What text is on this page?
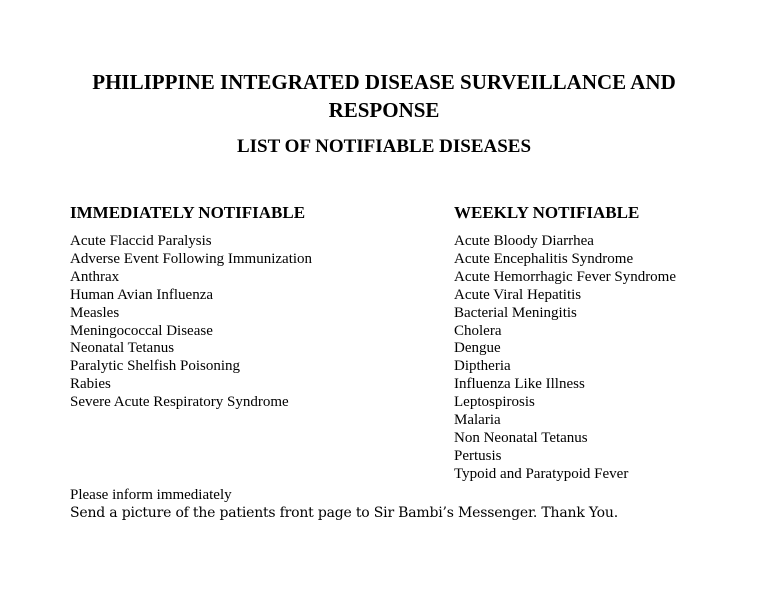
PHILIPPINE INTEGRATED DISEASE SURVEILLANCE AND RESPONSE
LIST OF NOTIFIABLE DISEASES
IMMEDIATELY NOTIFIABLE
Acute Flaccid Paralysis
Adverse Event Following Immunization
Anthrax
Human Avian Influenza
Measles
Meningococcal Disease
Neonatal Tetanus
Paralytic Shelfish Poisoning
Rabies
Severe Acute Respiratory Syndrome
WEEKLY NOTIFIABLE
Acute Bloody Diarrhea
Acute Encephalitis Syndrome
Acute Hemorrhagic Fever Syndrome
Acute Viral Hepatitis
Bacterial Meningitis
Cholera
Dengue
Diptheria
Influenza Like Illness
Leptospirosis
Malaria
Non Neonatal Tetanus
Pertusis
Typoid and Paratypoid Fever

Please inform immediately

Send a picture of the patients front page to Sir Bambi’s Messenger. Thank You.
